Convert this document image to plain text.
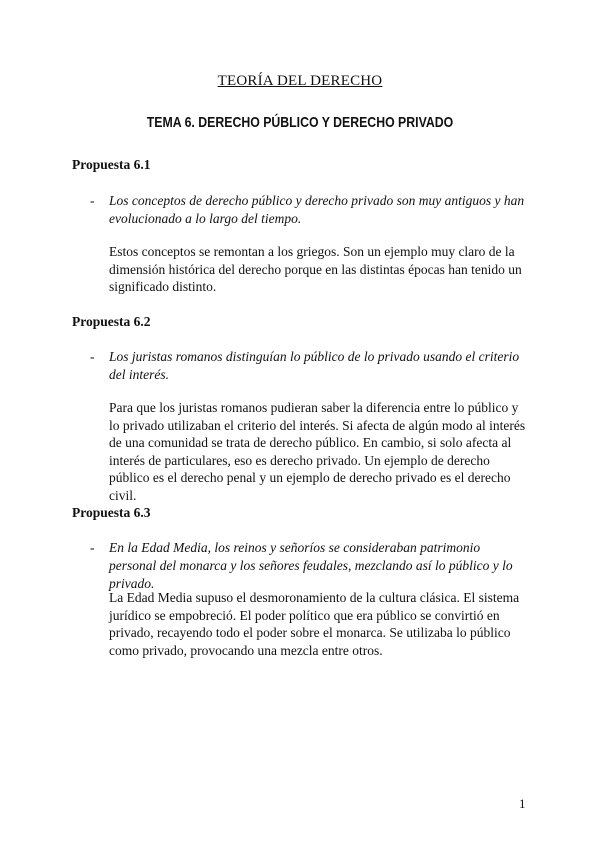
TEORÍA DEL DERECHO
TEMA 6. DERECHO PÚBLICO Y DERECHO PRIVADO
Propuesta 6.1
- Los conceptos de derecho público y derecho privado son muy antiguos y han evolucionado a lo largo del tiempo.
Estos conceptos se remontan a los griegos. Son un ejemplo muy claro de la dimensión histórica del derecho porque en las distintas épocas han tenido un significado distinto.
Propuesta 6.2
- Los juristas romanos distinguían lo público de lo privado usando el criterio del interés.
Para que los juristas romanos pudieran saber la diferencia entre lo público y lo privado utilizaban el criterio del interés. Si afecta de algún modo al interés de una comunidad se trata de derecho público. En cambio, si solo afecta al interés de particulares, eso es derecho privado. Un ejemplo de derecho público es el derecho penal y un ejemplo de derecho privado es el derecho civil.
Propuesta 6.3
- En la Edad Media, los reinos y señoríos se consideraban patrimonio personal del monarca y los señores feudales, mezclando así lo público y lo privado.
La Edad Media supuso el desmoronamiento de la cultura clásica. El sistema jurídico se empobreció. El poder político que era público se convirtió en privado, recayendo todo el poder sobre el monarca. Se utilizaba lo público como privado, provocando una mezcla entre otros.
1
